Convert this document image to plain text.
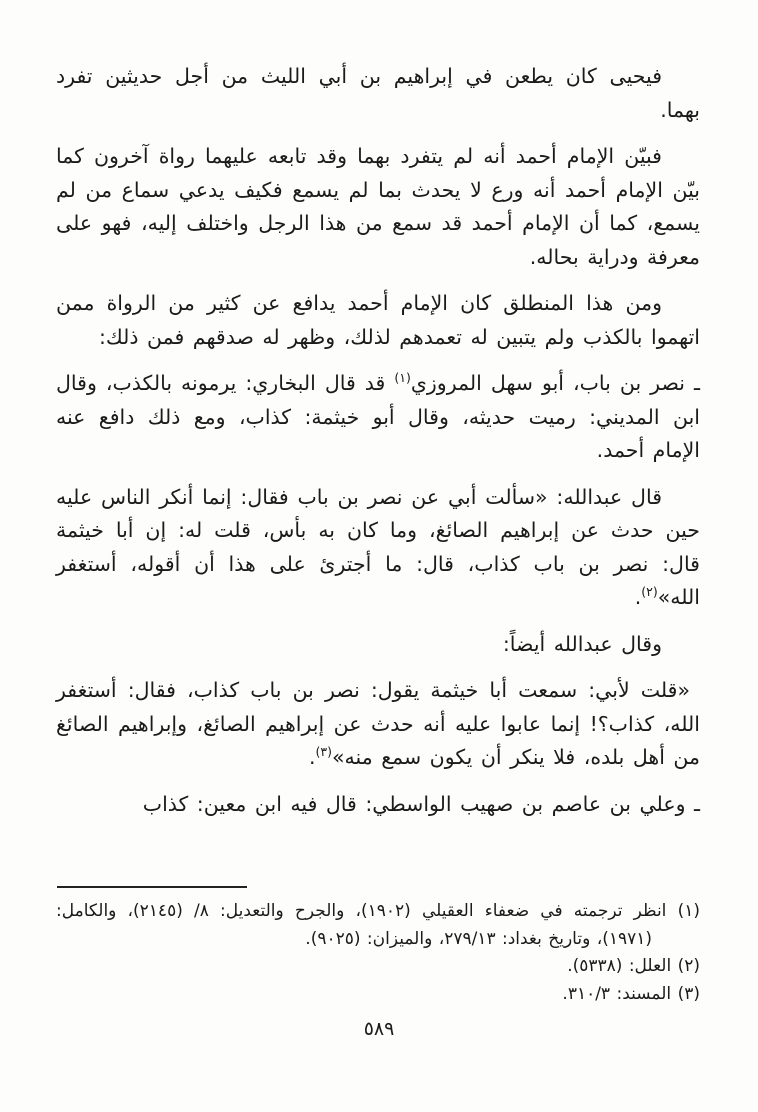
فيحيى كان يطعن في إبراهيم بن أبي الليث من أجل حديثين تفرد بهما.

فبيّن الإمام أحمد أنه لم يتفرد بهما وقد تابعه عليهما رواة آخرون كما بيّن الإمام أحمد أنه ورع لا يحدث بما لم يسمع فكيف يدعي سماع من لم يسمع، كما أن الإمام أحمد قد سمع من هذا الرجل واختلف إليه، فهو على معرفة ودراية بحاله.

ومن هذا المنطلق كان الإمام أحمد يدافع عن كثير من الرواة ممن اتهموا بالكذب ولم يتبين له تعمدهم لذلك، وظهر له صدقهم فمن ذلك:

ـ نصر بن باب، أبو سهل المروزي$^{(١)}$ قد قال البخاري: يرمونه بالكذب، وقال ابن المديني: رميت حديثه، وقال أبو خيثمة: كذاب، ومع ذلك دافع عنه الإمام أحمد.

قال عبدالله: «سألت أبي عن نصر بن باب فقال: إنما أنكر الناس عليه حين حدث عن إبراهيم الصائغ، وما كان به بأس، قلت له: إن أبا خيثمة قال: نصر بن باب كذاب، قال: ما أجترئ على هذا أن أقوله، أستغفر الله»$^{(٢)}$.

وقال عبدالله أيضاً:

«قلت لأبي: سمعت أبا خيثمة يقول: نصر بن باب كذاب، فقال: أستغفر الله، كذاب؟! إنما عابوا عليه أنه حدث عن إبراهيم الصائغ، وإبراهيم الصائغ من أهل بلده، فلا ينكر أن يكون سمع منه»$^{(٣)}$.

ـ وعلي بن عاصم بن صهيب الواسطي: قال فيه ابن معين: كذاب

(١) انظر ترجمته في ضعفاء العقيلي (١٩٠٢)، والجرح والتعديل: ٨/ (٢١٤٥)، والكامل: (١٩٧١)، وتاريخ بغداد: ٢٧٩/١٣، والميزان: (٩٠٢٥).

(٢) العلل: (٥٣٣٨).

(٣) المسند: ٣١٠/٣.

٥٨٩
